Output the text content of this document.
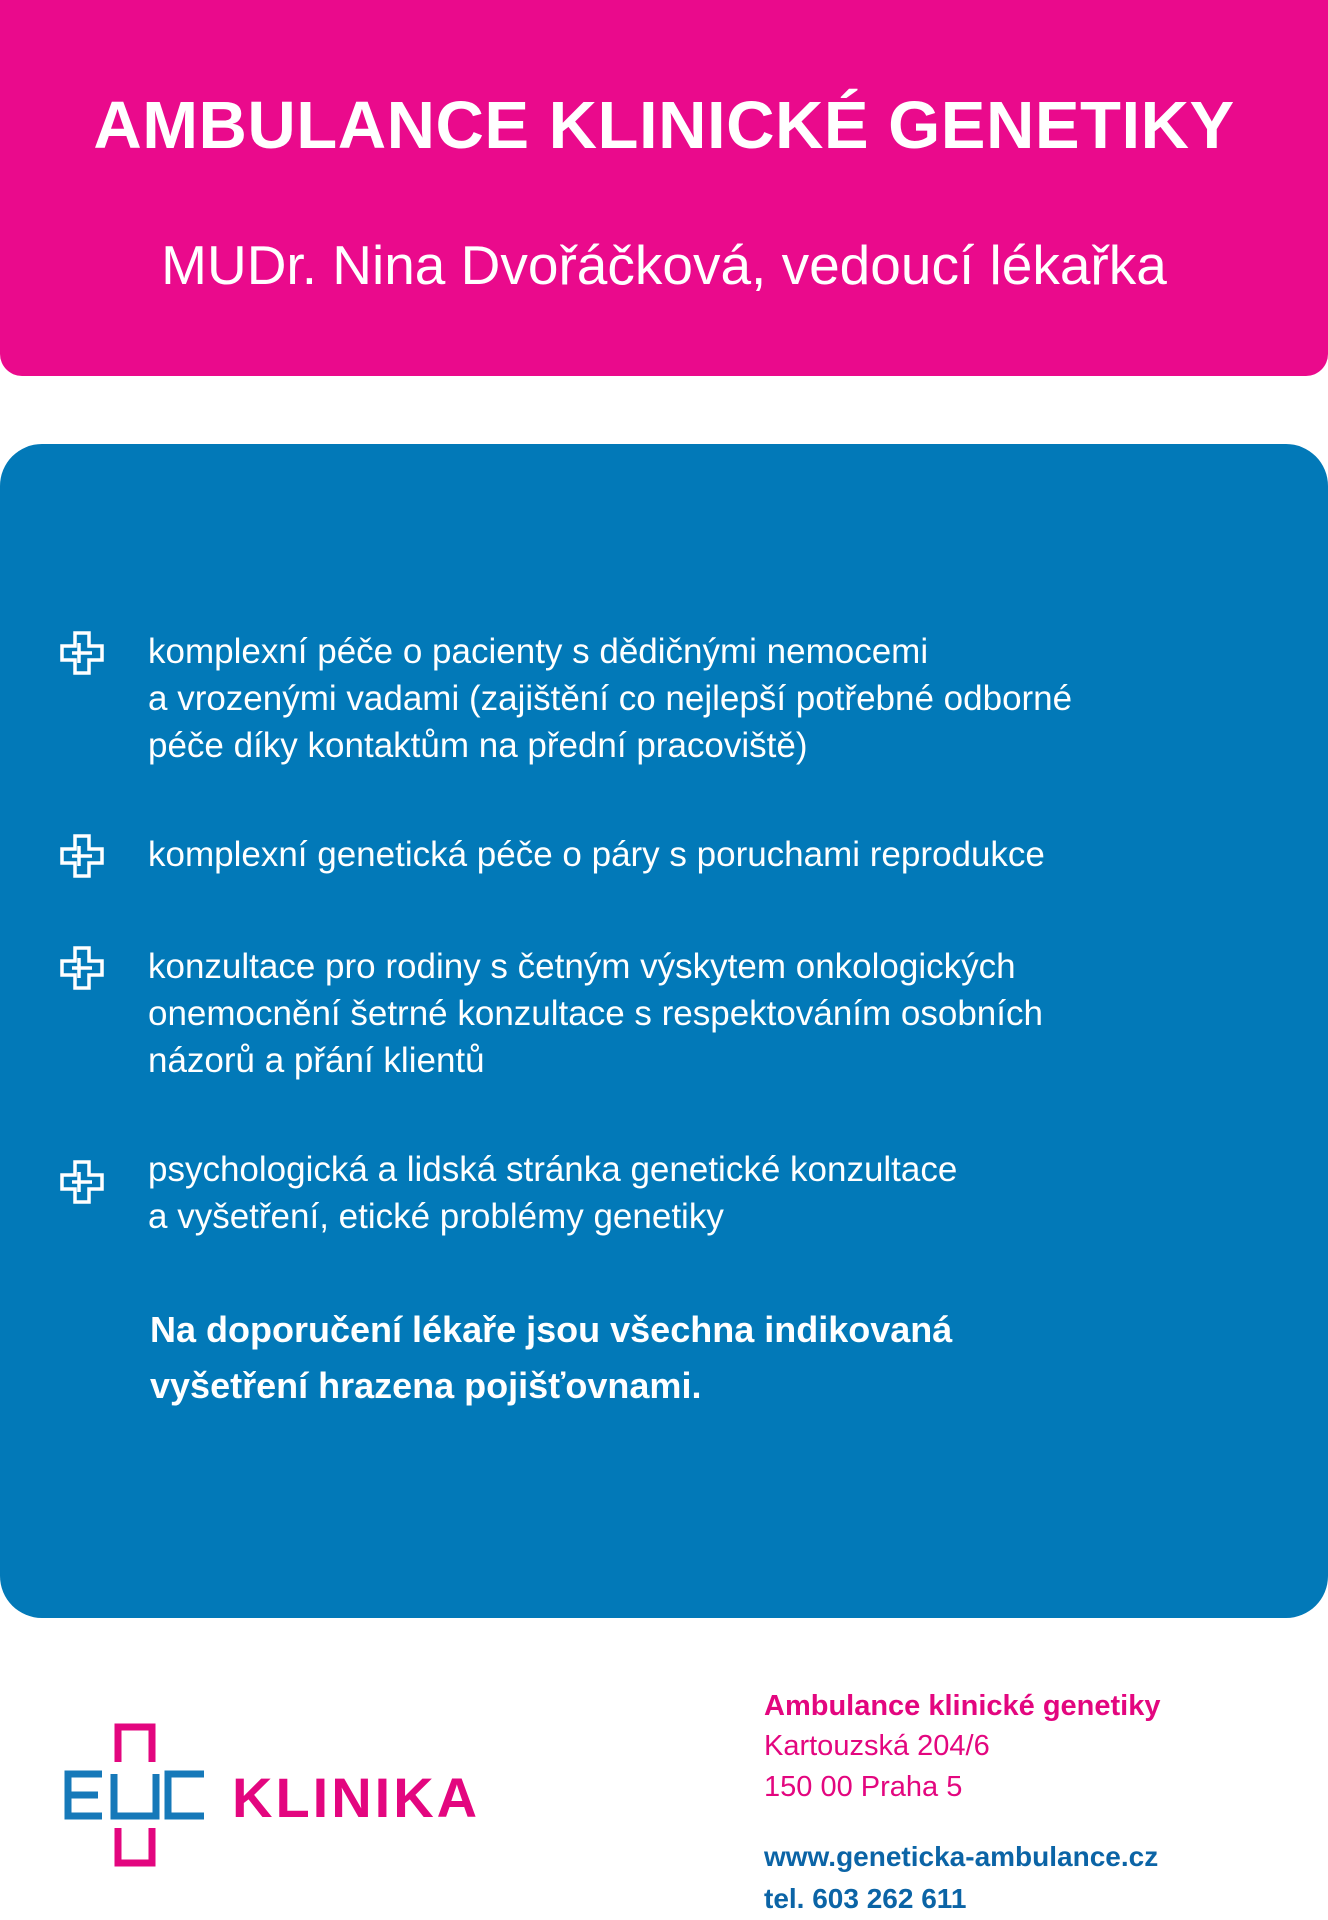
AMBULANCE KLINICKÉ GENETIKY
MUDr. Nina Dvořáčková, vedoucí lékařka
komplexní péče o pacienty s dědičnými nemocemi
a vrozenými vadami (zajištění co nejlepší potřebné odborné
péče díky kontaktům na přední pracoviště)
komplexní genetická péče o páry s poruchami reprodukce
konzultace pro rodiny s četným výskytem onkologických
onemocnění šetrné konzultace s respektováním osobních
názorů a přání klientů
psychologická a lidská stránka genetické konzultace
a vyšetření, etické problémy genetiky
Na doporučení lékaře jsou všechna indikovaná
vyšetření hrazena pojišťovnami.
KLINIKA
Ambulance klinické genetiky
Kartouzská 204/6
150 00 Praha 5
www.geneticka-ambulance.cz
tel. 603 262 611
